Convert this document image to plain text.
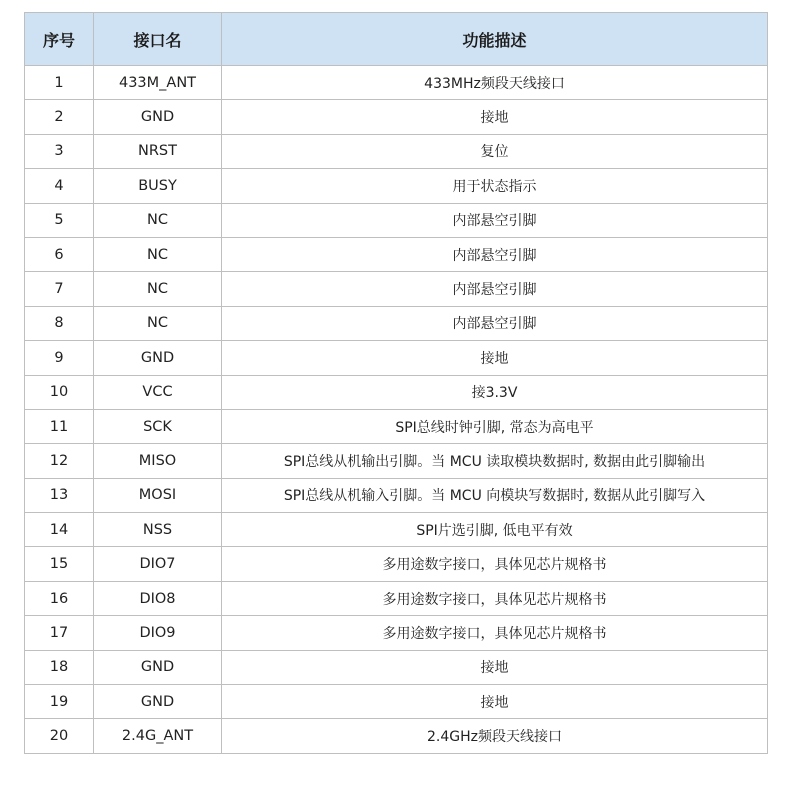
序号	接口名	功能描述
1	433M_ANT	433MHz频段天线接口
2	GND	接地
3	NRST	复位
4	BUSY	用于状态指示
5	NC	内部悬空引脚
6	NC	内部悬空引脚
7	NC	内部悬空引脚
8	NC	内部悬空引脚
9	GND	接地
10	VCC	接3.3V
11	SCK	SPI总线时钟引脚, 常态为高电平
12	MISO	SPI总线从机输出引脚。当 MCU 读取模块数据时, 数据由此引脚输出
13	MOSI	SPI总线从机输入引脚。当 MCU 向模块写数据时, 数据从此引脚写入
14	NSS	SPI片选引脚, 低电平有效
15	DIO7	多用途数字接口，具体见芯片规格书
16	DIO8	多用途数字接口，具体见芯片规格书
17	DIO9	多用途数字接口，具体见芯片规格书
18	GND	接地
19	GND	接地
20	2.4G_ANT	2.4GHz频段天线接口
